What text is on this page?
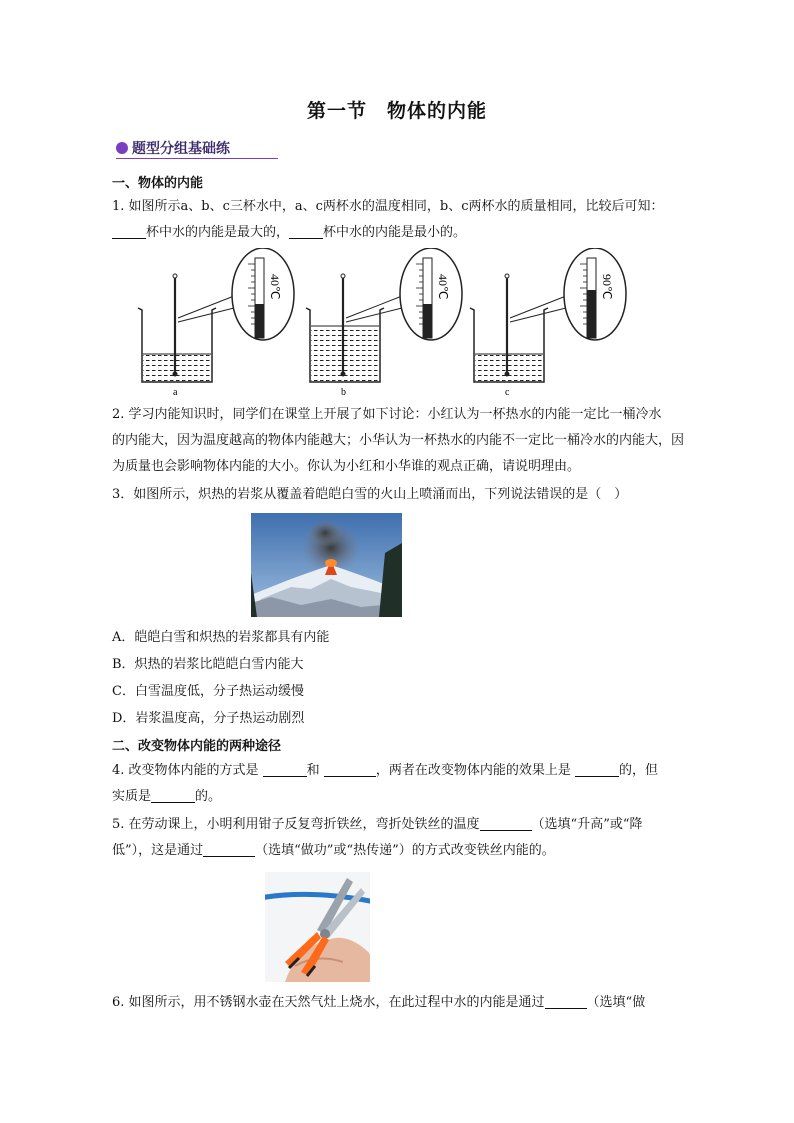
第一节　物体的内能
题型分组基础练
一、物体的内能
1. 如图所示a、b、c三杯水中，a、c两杯水的温度相同，b、c两杯水的质量相同，比较后可知：
杯中水的内能是最大的，	杯中水的内能是最小的。
40℃
a
40℃
b
90℃
c
2. 学习内能知识时，同学们在课堂上开展了如下讨论：小红认为一杯热水的内能一定比一桶冷水
的内能大，因为温度越高的物体内能越大；小华认为一杯热水的内能不一定比一桶冷水的内能大，因
为质量也会影响物体内能的大小。你认为小红和小华谁的观点正确，请说明理由。
3．如图所示，炽热的岩浆从覆盖着皑皑白雪的火山上喷涌而出，下列说法错误的是（　）
A．皑皑白雪和炽热的岩浆都具有内能
B．炽热的岩浆比皑皑白雪内能大
C．白雪温度低，分子热运动缓慢
D．岩浆温度高，分子热运动剧烈
二、改变物体内能的两种途径
4. 改变物体内能的方式是	和	，两者在改变物体内能的效果上是	的，但
实质是	的。
5. 在劳动课上，小明利用钳子反复弯折铁丝，弯折处铁丝的温度	（选填“升高”或“降
低”），这是通过	（选填“做功”或“热传递”）的方式改变铁丝内能的。
6. 如图所示，用不锈钢水壶在天然气灶上烧水，在此过程中水的内能是通过	（选填“做
